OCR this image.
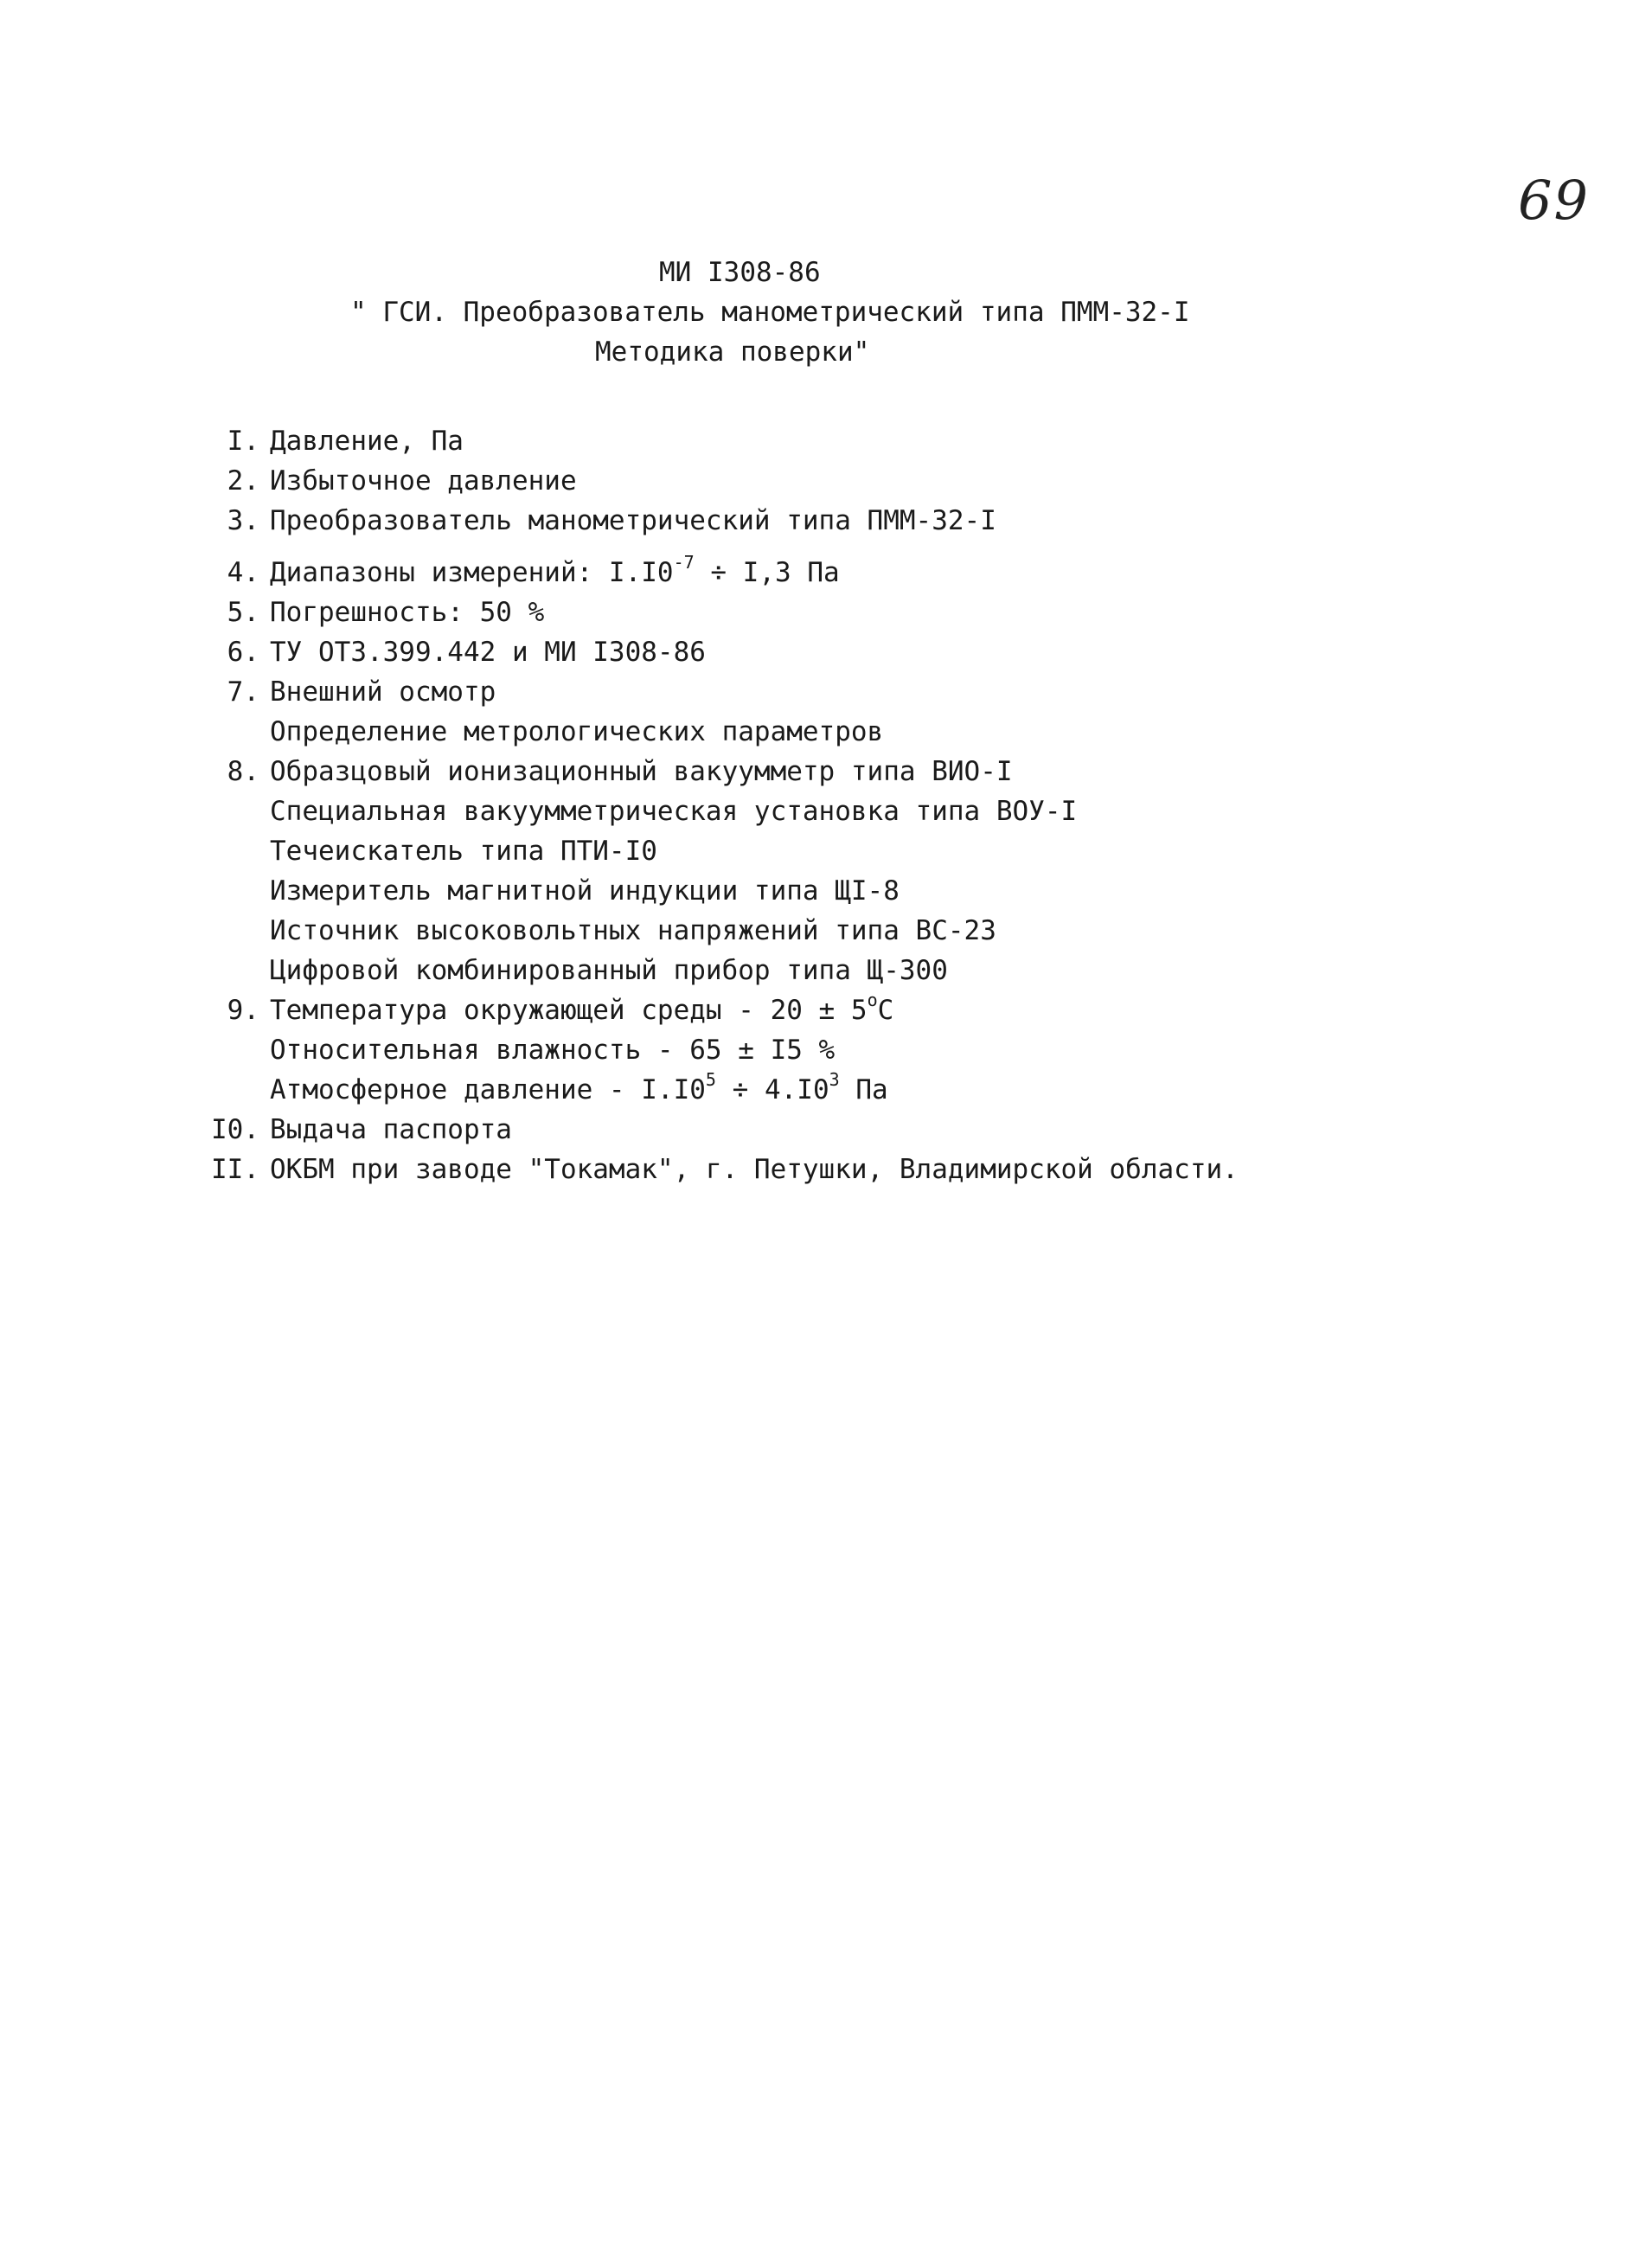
69
МИ I308-86
" ГСИ. Преобразователь манометрический типа ПММ-32-I
Методика поверки"
I. Давление, Па
2. Избыточное давление
3. Преобразователь манометрический типа ПММ-32-I
4. Диапазоны измерений: $I.I0^{-7} \div I,3$ Па
5. Погрешность: 50 %
6. ТУ ОТЗ.399.442 и МИ I308-86
7. Внешний осмотр
Определение метрологических параметров
8. Образцовый ионизационный вакуумметр типа ВИО-I
Специальная вакуумметрическая установка типа ВОУ-I
Течеискатель типа ПТИ-I0
Измеритель магнитной индукции типа ЩI-8
Источник высоковольтных напряжений типа ВС-23
Цифровой комбинированный прибор типа Щ-300
9. Температура окружающей среды - $20 \pm 5^оС$
Относительная влажность - 65 ± I5 %
Атмосферное давление - $I.I0^5 \div 4.I0^3$ Па
I0. Выдача паспорта
II. ОКБМ при заводе "Токамак", г. Петушки, Владимирской области.
